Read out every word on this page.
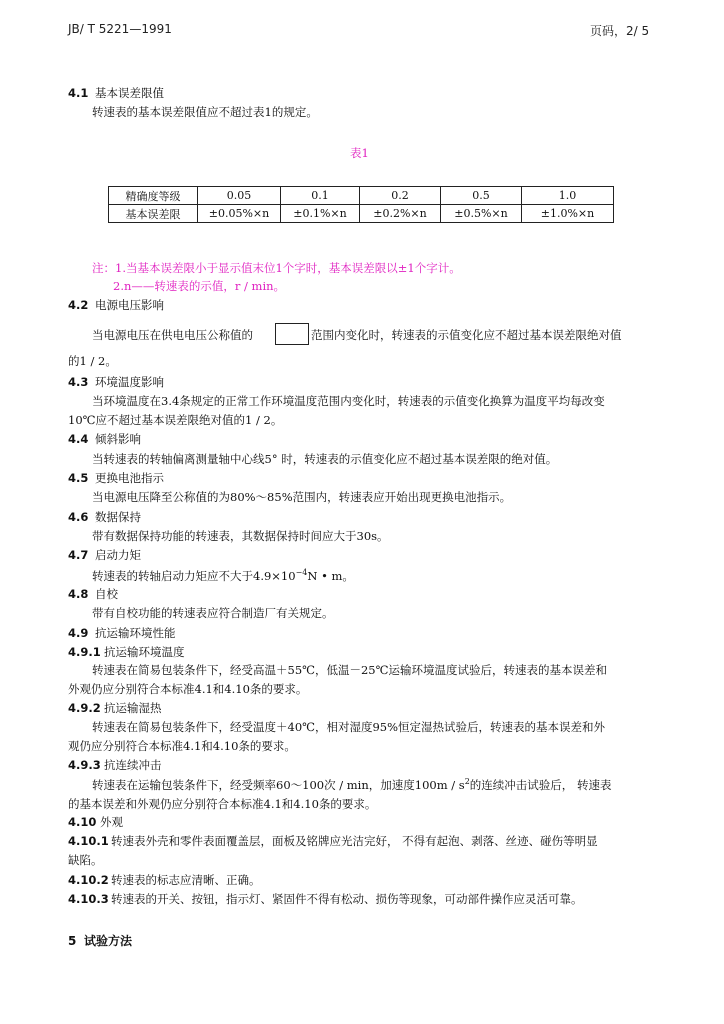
JB/ T 5221—1991	页码，2/ 5
4.1 基本误差限值
转速表的基本误差限值应不超过表1的规定。
表1
精确度等级	0.05	0.1	0.2	0.5	1.0
基本误差限	±0.05%×n	±0.1%×n	±0.2%×n	±0.5%×n	±1.0%×n
注：1.当基本误差限小于显示值末位1个字时，基本误差限以±1个字计。
2.n——转速表的示值，r / min。
4.2 电源电压影响
当电源电压在供电电压公称值的	范围内变化时，转速表的示值变化应不超过基本误差限绝对值
的1 / 2。
4.3 环境温度影响
当环境温度在3.4条规定的正常工作环境温度范围内变化时，转速表的示值变化换算为温度平均每改变
10℃应不超过基本误差限绝对值的1 / 2。
4.4 倾斜影响
当转速表的转轴偏离测量轴中心线5° 时，转速表的示值变化应不超过基本误差限的绝对值。
4.5 更换电池指示
当电源电压降至公称值的为80%～85%范围内，转速表应开始出现更换电池指示。
4.6 数据保持
带有数据保持功能的转速表，其数据保持时间应大于30s。
4.7 启动力矩
转速表的转轴启动力矩应不大于$4.9\times 10^{-4}N$ • m。
4.8 自校
带有自校功能的转速表应符合制造厂有关规定。
4.9 抗运输环境性能
4.9.1 抗运输环境温度
转速表在简易包装条件下，经受高温＋55℃，低温－25℃运输环境温度试验后，转速表的基本误差和
外观仍应分别符合本标准4.1和4.10条的要求。
4.9.2 抗运输湿热
转速表在简易包装条件下，经受温度＋40℃，相对湿度95%恒定湿热试验后，转速表的基本误差和外
观仍应分别符合本标准4.1和4.10条的要求。
4.9.3 抗连续冲击
转速表在运输包装条件下，经受频率60～100次 / min，加速度$100m / s^2$的连续冲击试验后， 转速表
的基本误差和外观仍应分别符合本标准4.1和4.10条的要求。
4.10 外观
4.10.1 转速表外壳和零件表面覆盖层，面板及铭牌应光洁完好， 不得有起泡、剥落、丝迹、碰伤等明显
缺陷。
4.10.2 转速表的标志应清晰、正确。
4.10.3 转速表的开关、按钮，指示灯、紧固件不得有松动、损伤等现象，可动部件操作应灵活可靠。
5 试验方法
